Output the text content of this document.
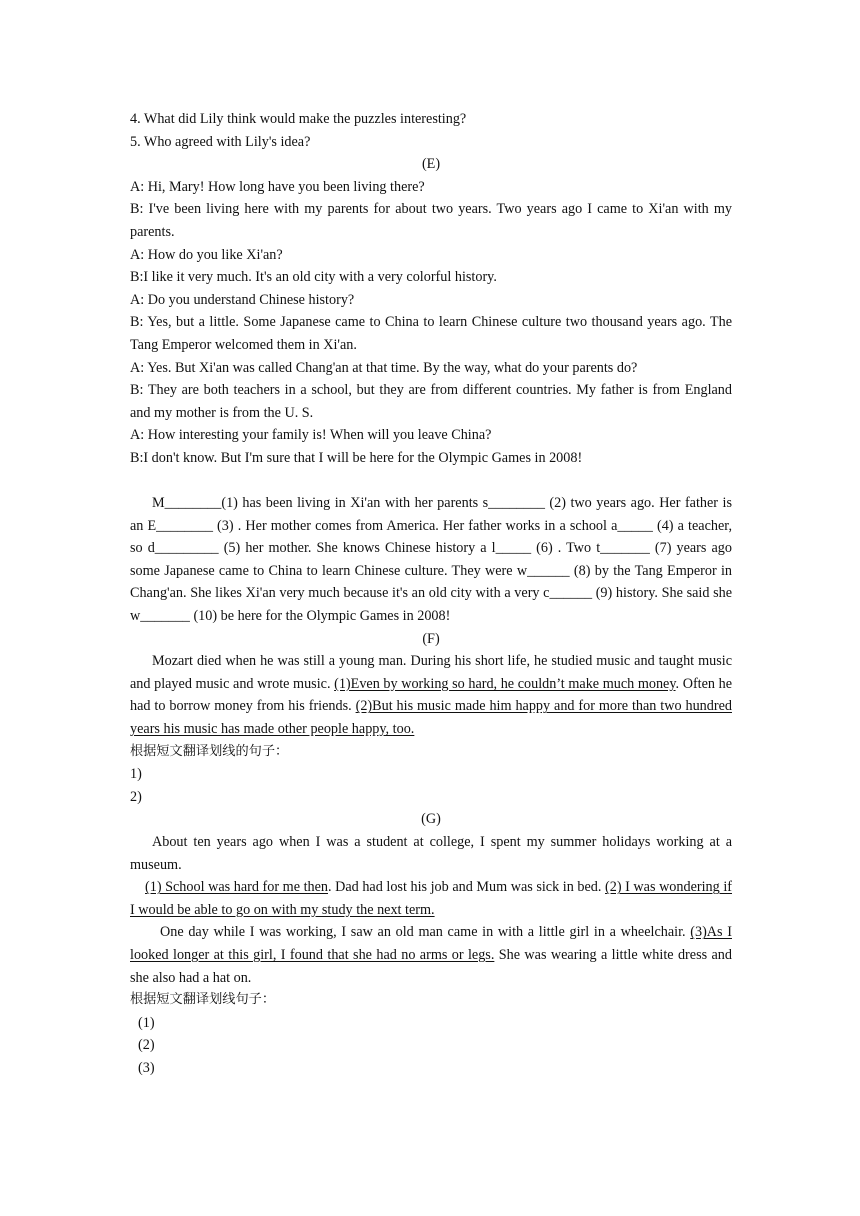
4. What did Lily think would make the puzzles interesting?

5. Who agreed with Lily's idea?

(E)

A: Hi, Mary! How long have you been living there?

B: I've been living here with my parents for about two years. Two years ago I came to Xi'an with my parents.

A: How do you like Xi'an?

B:I like it very much. It's an old city with a very colorful history.

A: Do you understand Chinese history?

B: Yes, but a little. Some Japanese came to China to learn Chinese culture two thousand years ago. The Tang Emperor welcomed them in Xi'an.

A: Yes. But Xi'an was called Chang'an at that time. By the way, what do your parents do?

B: They are both teachers in a school, but they are from different countries. My father is from England and my mother is from the U. S.

A: How interesting your family is! When will you leave China?

B:I don't know. But I'm sure that I will be here for the Olympic Games in 2008!

M________(1) has been living in Xi'an with her parents s________ (2) two years ago. Her father is an E________ (3) . Her mother comes from America. Her father works in a school a_____ (4) a teacher, so d_________ (5) her mother. She knows Chinese history a l_____ (6) . Two t_______ (7) years ago some Japanese came to China to learn Chinese culture. They were w______ (8) by the Tang Emperor in Chang'an. She likes Xi'an very much because it's an old city with a very c______ (9) history. She said she w_______ (10) be here for the Olympic Games in 2008!

(F)

Mozart died when he was still a young man. During his short life, he studied music and taught music and played music and wrote music. (1)Even by working so hard, he couldn’t make much money. Often he had to borrow money from his friends. (2)But his music made him happy and for more than two hundred years his music has made other people happy, too.

根据短文翻译划线的句子：

1)

2)

(G)

About ten years ago when I was a student at college, I spent my summer holidays working at a museum.

(1) School was hard for me then. Dad had lost his job and Mum was sick in bed. (2) I was wondering if I would be able to go on with my study the next term.

One day while I was working, I saw an old man came in with a little girl in a wheelchair. (3)As I looked longer at this girl, I found that she had no arms or legs. She was wearing a little white dress and she also had a hat on.

根据短文翻译划线句子：

(1)

(2)

(3)
